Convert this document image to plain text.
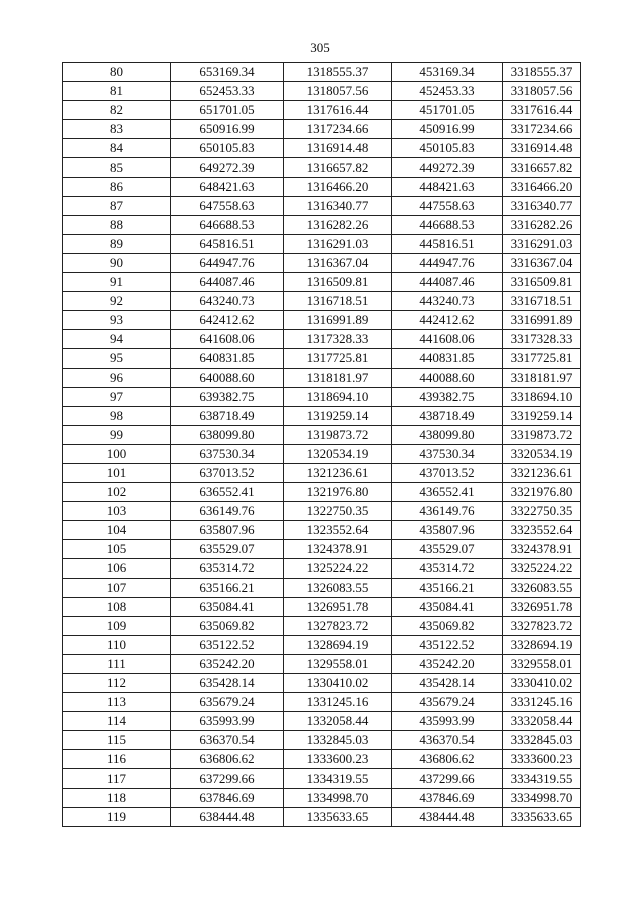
305
80	653169.34	1318555.37	453169.34	3318555.37
81	652453.33	1318057.56	452453.33	3318057.56
82	651701.05	1317616.44	451701.05	3317616.44
83	650916.99	1317234.66	450916.99	3317234.66
84	650105.83	1316914.48	450105.83	3316914.48
85	649272.39	1316657.82	449272.39	3316657.82
86	648421.63	1316466.20	448421.63	3316466.20
87	647558.63	1316340.77	447558.63	3316340.77
88	646688.53	1316282.26	446688.53	3316282.26
89	645816.51	1316291.03	445816.51	3316291.03
90	644947.76	1316367.04	444947.76	3316367.04
91	644087.46	1316509.81	444087.46	3316509.81
92	643240.73	1316718.51	443240.73	3316718.51
93	642412.62	1316991.89	442412.62	3316991.89
94	641608.06	1317328.33	441608.06	3317328.33
95	640831.85	1317725.81	440831.85	3317725.81
96	640088.60	1318181.97	440088.60	3318181.97
97	639382.75	1318694.10	439382.75	3318694.10
98	638718.49	1319259.14	438718.49	3319259.14
99	638099.80	1319873.72	438099.80	3319873.72
100	637530.34	1320534.19	437530.34	3320534.19
101	637013.52	1321236.61	437013.52	3321236.61
102	636552.41	1321976.80	436552.41	3321976.80
103	636149.76	1322750.35	436149.76	3322750.35
104	635807.96	1323552.64	435807.96	3323552.64
105	635529.07	1324378.91	435529.07	3324378.91
106	635314.72	1325224.22	435314.72	3325224.22
107	635166.21	1326083.55	435166.21	3326083.55
108	635084.41	1326951.78	435084.41	3326951.78
109	635069.82	1327823.72	435069.82	3327823.72
110	635122.52	1328694.19	435122.52	3328694.19
111	635242.20	1329558.01	435242.20	3329558.01
112	635428.14	1330410.02	435428.14	3330410.02
113	635679.24	1331245.16	435679.24	3331245.16
114	635993.99	1332058.44	435993.99	3332058.44
115	636370.54	1332845.03	436370.54	3332845.03
116	636806.62	1333600.23	436806.62	3333600.23
117	637299.66	1334319.55	437299.66	3334319.55
118	637846.69	1334998.70	437846.69	3334998.70
119	638444.48	1335633.65	438444.48	3335633.65
